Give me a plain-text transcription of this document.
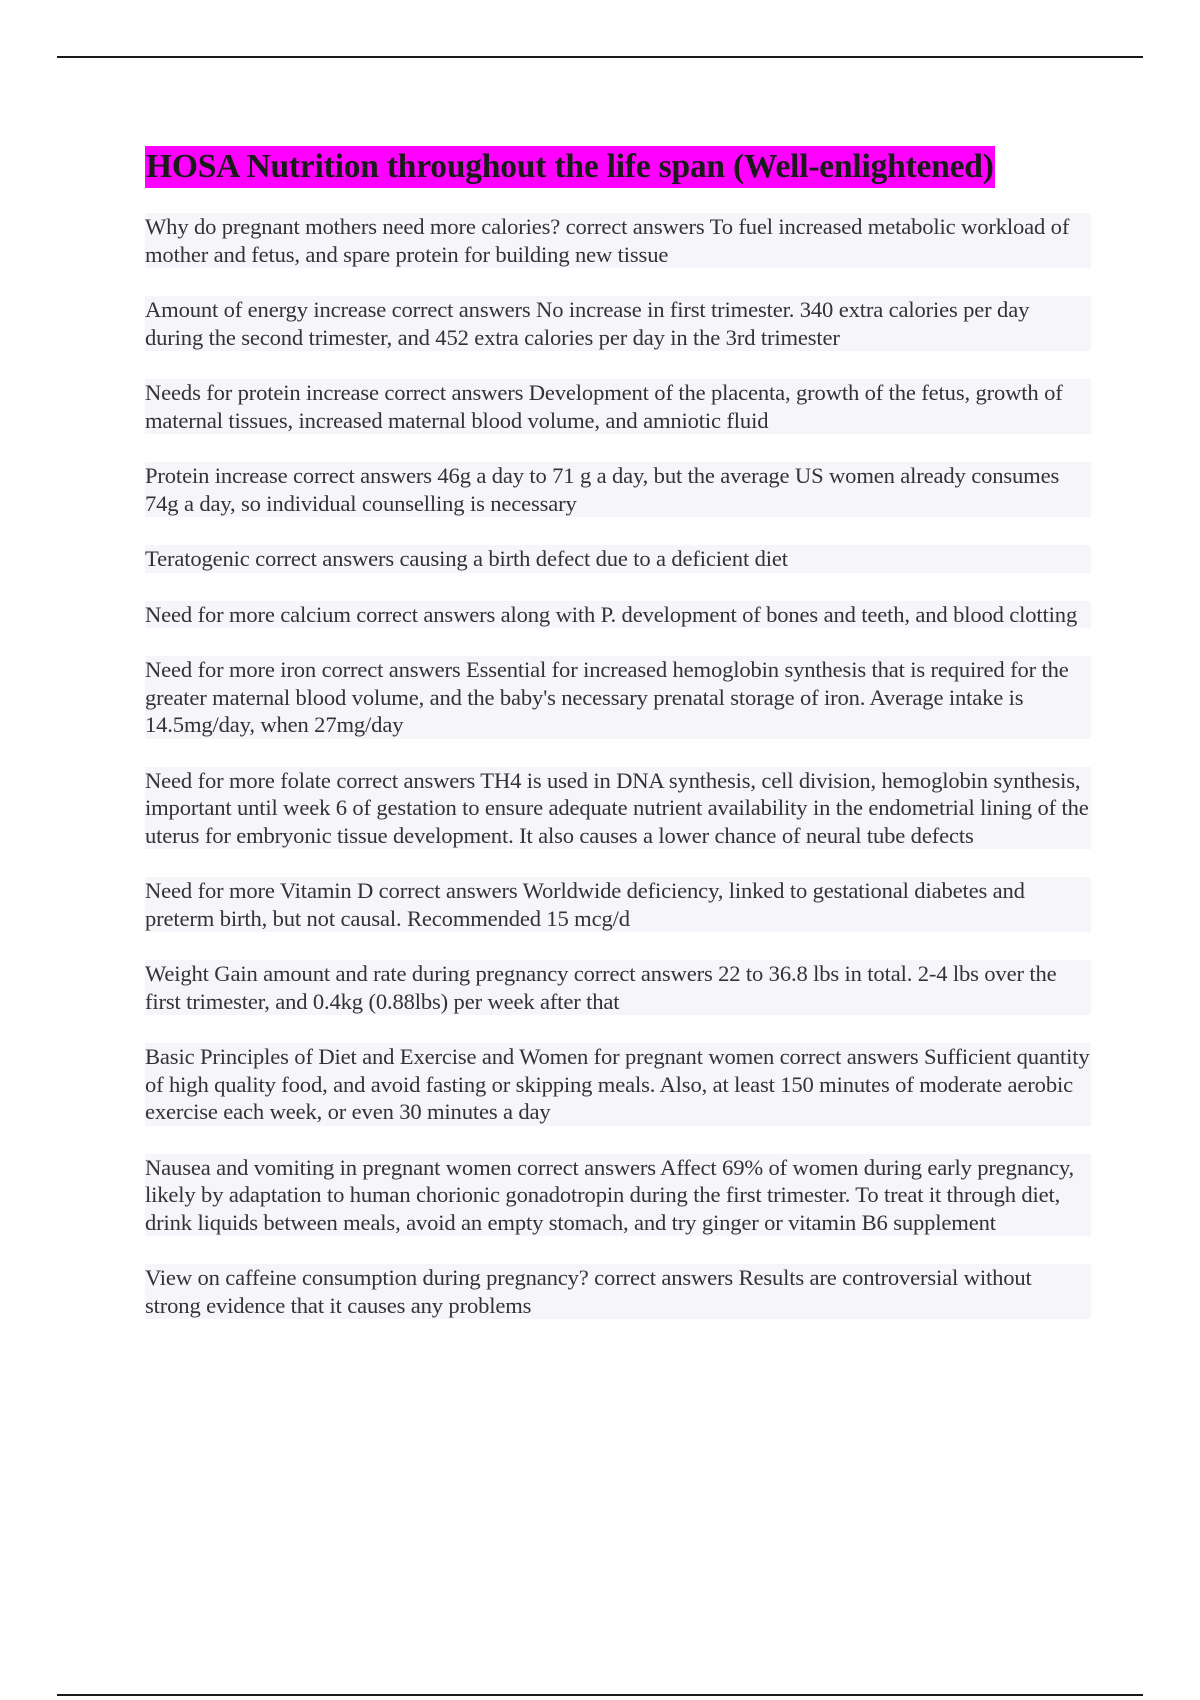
HOSA Nutrition throughout the life span (Well-enlightened)
Why do pregnant mothers need more calories? correct answers To fuel increased metabolic workload of mother and fetus, and spare protein for building new tissue
Amount of energy increase correct answers No increase in first trimester. 340 extra calories per day during the second trimester, and 452 extra calories per day in the 3rd trimester
Needs for protein increase correct answers Development of the placenta, growth of the fetus, growth of maternal tissues, increased maternal blood volume, and amniotic fluid
Protein increase correct answers 46g a day to 71 g a day, but the average US women already consumes 74g a day, so individual counselling is necessary
Teratogenic correct answers causing a birth defect due to a deficient diet
Need for more calcium correct answers along with P. development of bones and teeth, and blood clotting
Need for more iron correct answers Essential for increased hemoglobin synthesis that is required for the greater maternal blood volume, and the baby's necessary prenatal storage of iron. Average intake is 14.5mg/day, when 27mg/day
Need for more folate correct answers TH4 is used in DNA synthesis, cell division, hemoglobin synthesis, important until week 6 of gestation to ensure adequate nutrient availability in the endometrial lining of the uterus for embryonic tissue development. It also causes a lower chance of neural tube defects
Need for more Vitamin D correct answers Worldwide deficiency, linked to gestational diabetes and preterm birth, but not causal. Recommended 15 mcg/d
Weight Gain amount and rate during pregnancy correct answers 22 to 36.8 lbs in total. 2-4 lbs over the first trimester, and 0.4kg (0.88lbs) per week after that
Basic Principles of Diet and Exercise and Women for pregnant women correct answers Sufficient quantity of high quality food, and avoid fasting or skipping meals. Also, at least 150 minutes of moderate aerobic exercise each week, or even 30 minutes a day
Nausea and vomiting in pregnant women correct answers Affect 69% of women during early pregnancy, likely by adaptation to human chorionic gonadotropin during the first trimester. To treat it through diet, drink liquids between meals, avoid an empty stomach, and try ginger or vitamin B6 supplement
View on caffeine consumption during pregnancy? correct answers Results are controversial without strong evidence that it causes any problems
